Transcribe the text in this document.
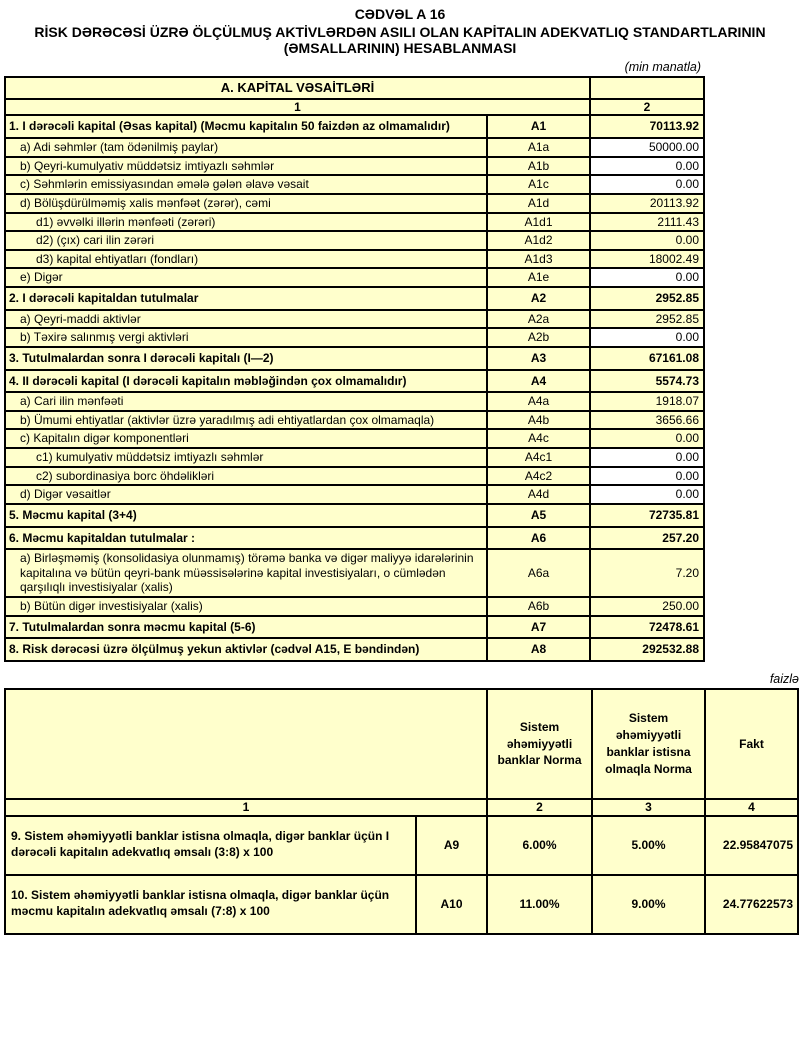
CƏDVƏL A 16
RİSK DƏRƏCƏSİ ÜZRƏ ÖLÇÜLMUŞ AKTİVLƏRDƏN ASILI OLAN KAPİTALIN ADEKVATLIQ STANDARTLARININ (ƏMSALLARININ) HESABLANMASI
(min manatla)
A. KAPİTAL VƏSAİTLƏRİ		
1		2
1. I dərəcəli kapital (Əsas kapital) (Məcmu kapitalın 50 faizdən az olmamalıdır)	A1	70113.92
a) Adi səhmlər (tam ödənilmiş paylar)	A1a	50000.00
b) Qeyri-kumulyativ müddətsiz imtiyazlı səhmlər	A1b	0.00
c) Səhmlərin emissiyasından əmələ gələn əlavə vəsait	A1c	0.00
d) Bölüşdürülməmiş xalis mənfəət (zərər), cəmi	A1d	20113.92
d1) əvvəlki illərin mənfəəti (zərəri)	A1d1	2111.43
d2) (çıx) cari ilin zərəri	A1d2	0.00
d3) kapital ehtiyatları (fondları)	A1d3	18002.49
e) Digər	A1e	0.00
2. I dərəcəli kapitaldan tutulmalar	A2	2952.85
a) Qeyri-maddi aktivlər	A2a	2952.85
b) Təxirə salınmış vergi aktivləri	A2b	0.00
3. Tutulmalardan sonra I dərəcəli kapitalı (I—2)	A3	67161.08
4. II dərəcəli kapital (I dərəcəli kapitalın məbləğindən çox olmamalıdır)	A4	5574.73
a) Cari ilin mənfəəti	A4a	1918.07
b) Ümumi ehtiyatlar (aktivlər üzrə yaradılmış adi ehtiyatlardan çox olmamaqla)	A4b	3656.66
c) Kapitalın digər komponentləri	A4c	0.00
c1) kumulyativ müddətsiz imtiyazlı səhmlər	A4c1	0.00
c2) subordinasiya borc öhdəlikləri	A4c2	0.00
d) Digər vəsaitlər	A4d	0.00
5. Məcmu kapital (3+4)	A5	72735.81
6. Məcmu kapitaldan tutulmalar :	A6	257.20
a) Birləşməmiş (konsolidasiya olunmamış) törəmə banka və digər maliyyə idarələrinin kapitalına və bütün qeyri-bank müəssisələrinə kapital investisiyaları, o cümlədən qarşılıqlı investisiyalar (xalis)	A6a	7.20
b) Bütün digər investisiyalar (xalis)	A6b	250.00
7. Tutulmalardan sonra məcmu kapital (5-6)	A7	72478.61
8. Risk dərəcəsi üzrə ölçülmuş yekun aktivlər (cədvəl A15, E bəndindən)	A8	292532.88
faizlə
		Sistem əhəmiyyətli banklar Norma	Sistem əhəmiyyətli banklar istisna olmaqla Norma	Fakt
1		2	3	4
9. Sistem əhəmiyyətli banklar istisna olmaqla, digər banklar üçün I dərəcəli kapitalın adekvatlıq əmsalı (3:8) x 100	A9	6.00%	5.00%	22.95847075
10. Sistem əhəmiyyətli banklar istisna olmaqla, digər banklar üçün məcmu kapitalın adekvatlıq əmsalı (7:8) x 100	A10	11.00%	9.00%	24.77622573
